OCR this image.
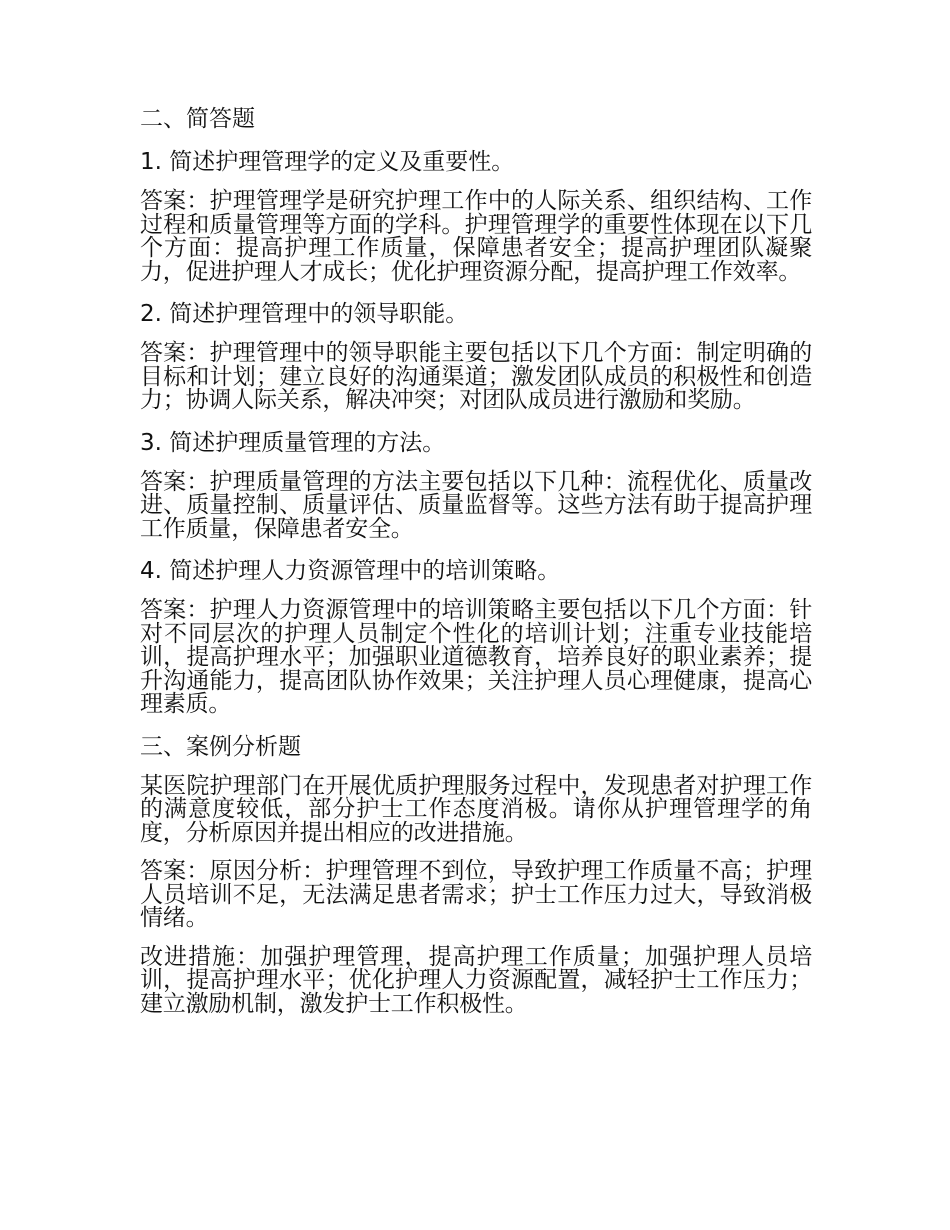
二、简答题
1. 简述护理管理学的定义及重要性。
答案：护理管理学是研究护理工作中的人际关系、组织结构、工作过程和质量管理等方面的学科。护理管理学的重要性体现在以下几个方面：提高护理工作质量，保障患者安全；提高护理团队凝聚力，促进护理人才成长；优化护理资源分配，提高护理工作效率。
2. 简述护理管理中的领导职能。
答案：护理管理中的领导职能主要包括以下几个方面：制定明确的目标和计划；建立良好的沟通渠道；激发团队成员的积极性和创造力；协调人际关系，解决冲突；对团队成员进行激励和奖励。
3. 简述护理质量管理的方法。
答案：护理质量管理的方法主要包括以下几种：流程优化、质量改进、质量控制、质量评估、质量监督等。这些方法有助于提高护理工作质量，保障患者安全。
4. 简述护理人力资源管理中的培训策略。
答案：护理人力资源管理中的培训策略主要包括以下几个方面：针对不同层次的护理人员制定个性化的培训计划；注重专业技能培训，提高护理水平；加强职业道德教育，培养良好的职业素养；提升沟通能力，提高团队协作效果；关注护理人员心理健康，提高心理素质。
三、案例分析题
某医院护理部门在开展优质护理服务过程中，发现患者对护理工作的满意度较低，部分护士工作态度消极。请你从护理管理学的角度，分析原因并提出相应的改进措施。
答案：原因分析：护理管理不到位，导致护理工作质量不高；护理人员培训不足，无法满足患者需求；护士工作压力过大，导致消极情绪。
改进措施：加强护理管理，提高护理工作质量；加强护理人员培训，提高护理水平；优化护理人力资源配置，减轻护士工作压力；建立激励机制，激发护士工作积极性。
